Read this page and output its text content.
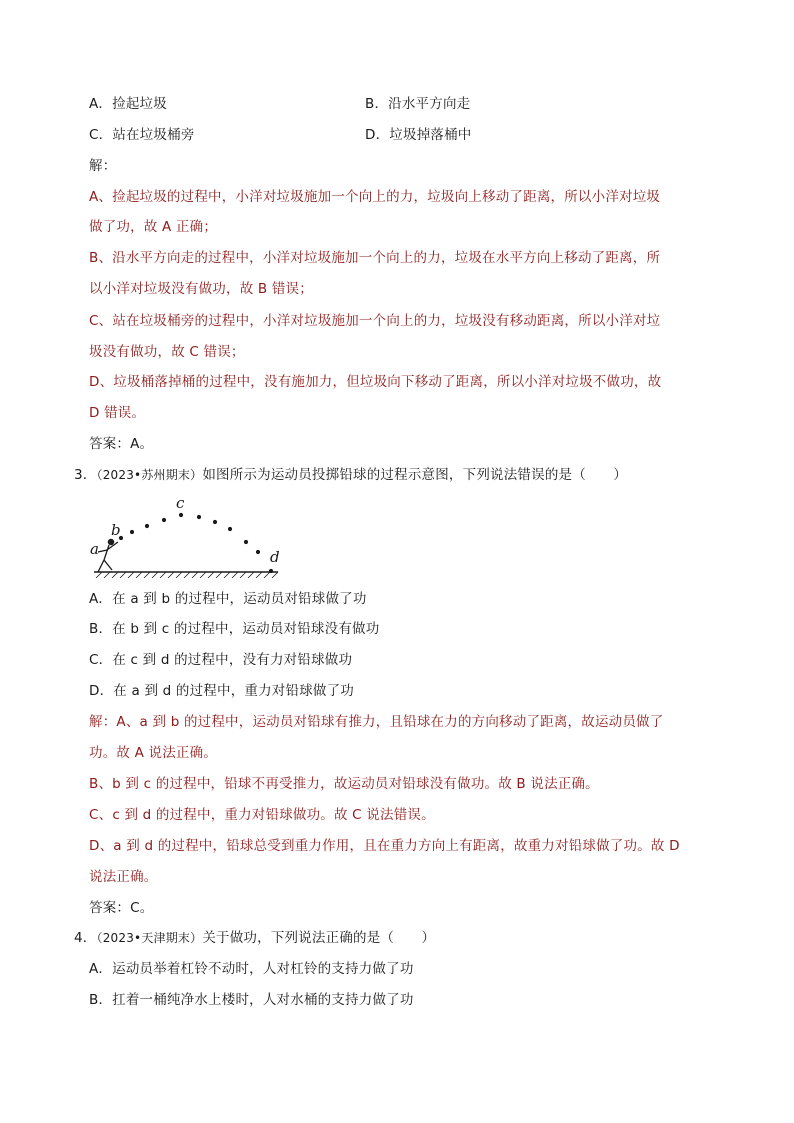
A．捡起垃圾	B．沿水平方向走
C．站在垃圾桶旁	D．垃圾掉落桶中
解：
A、捡起垃圾的过程中，小洋对垃圾施加一个向上的力，垃圾向上移动了距离，所以小洋对垃圾
做了功，故 A 正确；
B、沿水平方向走的过程中，小洋对垃圾施加一个向上的力，垃圾在水平方向上移动了距离，所
以小洋对垃圾没有做功，故 B 错误；
C、站在垃圾桶旁的过程中，小洋对垃圾施加一个向上的力，垃圾没有移动距离，所以小洋对垃
圾没有做功，故 C 错误；
D、垃圾桶落掉桶的过程中，没有施加力，但垃圾向下移动了距离，所以小洋对垃圾不做功，故
D 错误。
答案：A。
3．（2023•苏州期末）如图所示为运动员投掷铅球的过程示意图，下列说法错误的是（　　）
a
b
c
d
A．在 a 到 b 的过程中，运动员对铅球做了功
B．在 b 到 c 的过程中，运动员对铅球没有做功
C．在 c 到 d 的过程中，没有力对铅球做功
D．在 a 到 d 的过程中，重力对铅球做了功
解：A、a 到 b 的过程中，运动员对铅球有推力，且铅球在力的方向移动了距离，故运动员做了
功。故 A 说法正确。
B、b 到 c 的过程中，铅球不再受推力，故运动员对铅球没有做功。故 B 说法正确。
C、c 到 d 的过程中，重力对铅球做功。故 C 说法错误。
D、a 到 d 的过程中，铅球总受到重力作用，且在重力方向上有距离，故重力对铅球做了功。故 D
说法正确。
答案：C。
4．（2023•天津期末）关于做功，下列说法正确的是（　　）
A．运动员举着杠铃不动时，人对杠铃的支持力做了功
B．扛着一桶纯净水上楼时，人对水桶的支持力做了功
